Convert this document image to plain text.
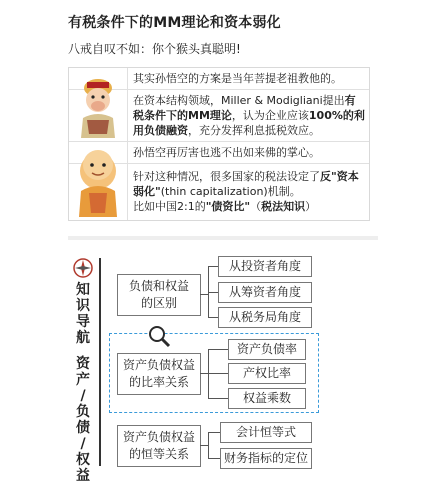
有税条件下的MM理论和资本弱化
八戒自叹不如：你个猴头真聪明!
其实孙悟空的方案是当年菩提老祖教他的。
在资本结构领域，Miller & Modigliani提出有税条件下的MM理论，认为企业应该100%的利用负债融资，充分发挥利息抵税效应。
孙悟空再厉害也逃不出如来佛的掌心。
针对这种情况，很多国家的税法设定了反"资本弱化"(thin capitalization)机制。
比如中国2:1的"债资比"（税法知识）
知
识
导
航
资
产
/
负
债
/
权
益
负债和权益的区别
从投资者角度
从筹资者角度
从税务局角度
资产负债权益的比率关系
资产负债率
产权比率
权益乘数
资产负债权益的恒等关系
会计恒等式
财务指标的定位
